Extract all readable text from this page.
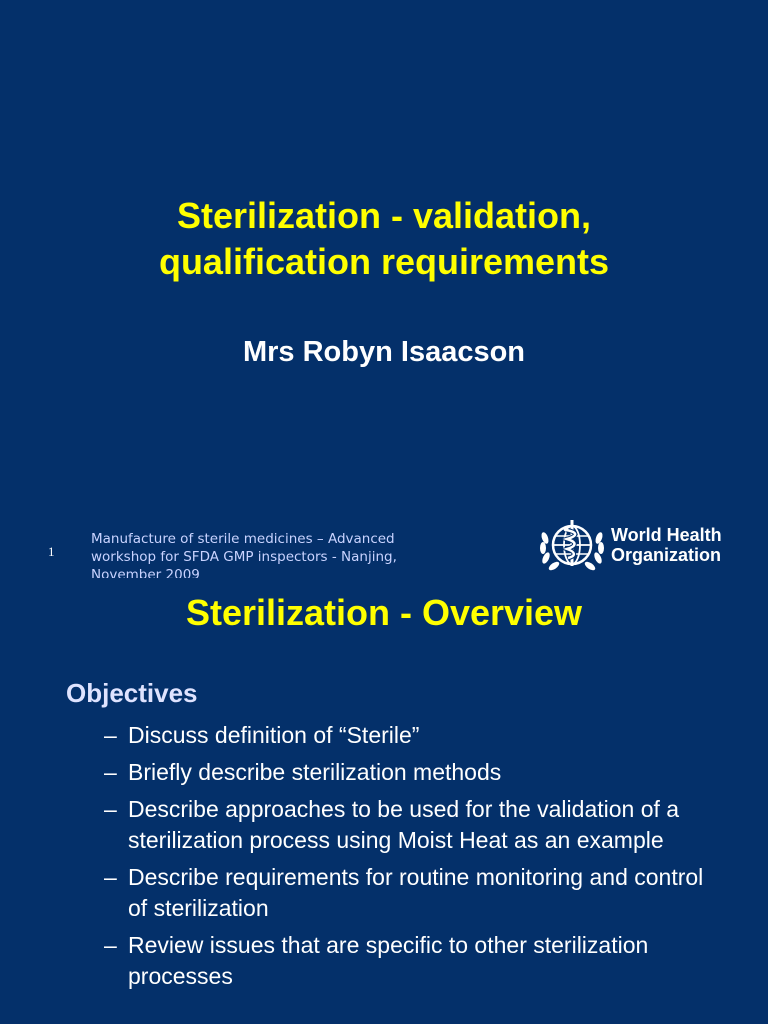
Sterilization - validation,
qualification requirements
Mrs Robyn Isaacson
1
Manufacture of sterile medicines – Advanced
workshop for SFDA GMP inspectors - Nanjing,
November 2009
World Health
Organization
Sterilization - Overview
Objectives
– Discuss definition of “Sterile”
– Briefly describe sterilization methods
– Describe approaches to be used for the validation of a sterilization process using Moist Heat as an example
– Describe requirements for routine monitoring and control of sterilization
– Review issues that are specific to other sterilization processes
